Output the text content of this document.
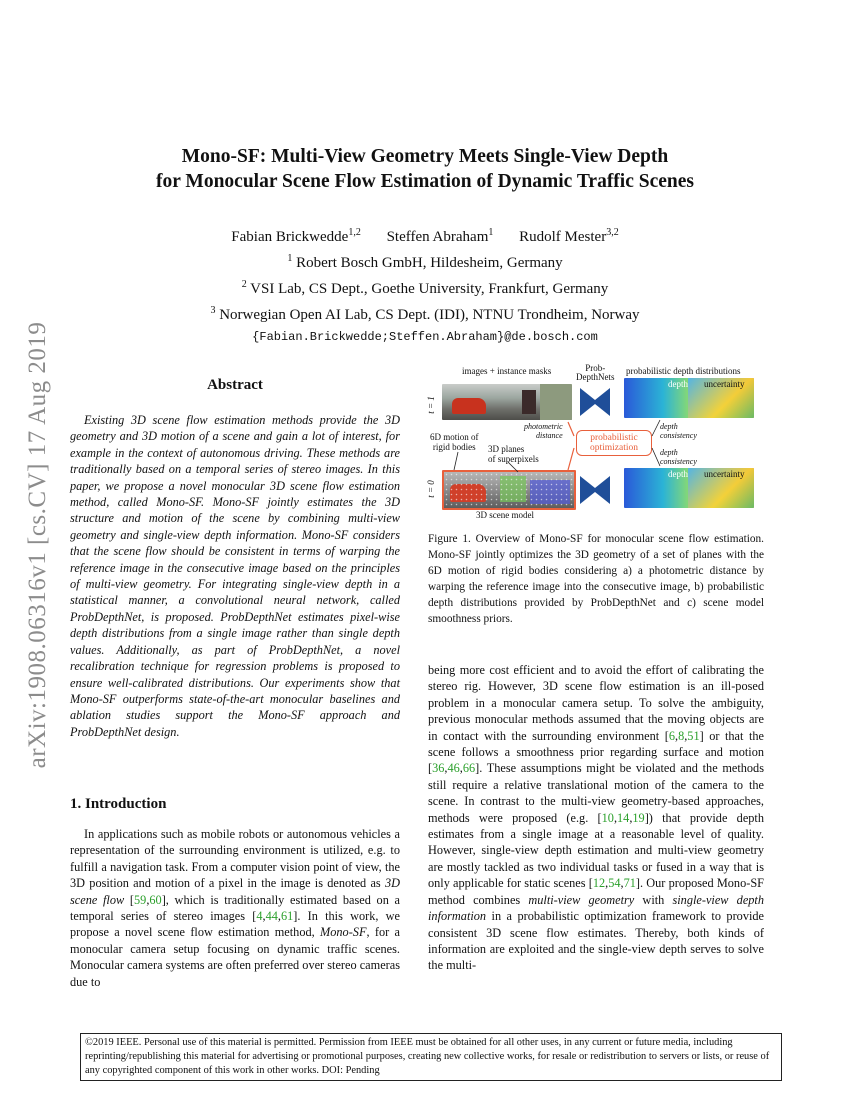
arXiv:1908.06316v1 [cs.CV] 17 Aug 2019
Mono-SF: Multi-View Geometry Meets Single-View Depth
for Monocular Scene Flow Estimation of Dynamic Traffic Scenes
Fabian Brickwedde$^{1,2}$ Steffen Abraham$^1$ Rudolf Mester$^{3,2}$
$^1$ Robert Bosch GmbH, Hildesheim, Germany
$^2$ VSI Lab, CS Dept., Goethe University, Frankfurt, Germany
$^3$ Norwegian Open AI Lab, CS Dept. (IDI), NTNU Trondheim, Norway
{Fabian.Brickwedde;Steffen.Abraham}@de.bosch.com
Abstract

Existing 3D scene flow estimation methods provide the 3D geometry and 3D motion of a scene and gain a lot of interest, for example in the context of autonomous driving. These methods are traditionally based on a temporal series of stereo images. In this paper, we propose a novel monocular 3D scene flow estimation method, called Mono-SF. Mono-SF jointly estimates the 3D structure and motion of the scene by combining multi-view geometry and single-view depth information. Mono-SF considers that the scene flow should be consistent in terms of warping the reference image in the consecutive image based on the principles of multi-view geometry. For integrating single-view depth in a statistical manner, a convolutional neural network, called ProbDepthNet, is proposed. ProbDepthNet estimates pixel-wise depth distributions from a single image rather than single depth values. Additionally, as part of ProbDepthNet, a novel recalibration technique for regression problems is proposed to ensure well-calibrated distributions. Our experiments show that Mono-SF outperforms state-of-the-art monocular baselines and ablation studies support the Mono-SF approach and ProbDepthNet design.

1. Introduction

In applications such as mobile robots or autonomous vehicles a representation of the surrounding environment is utilized, e.g. to fulfill a navigation task. From a computer vision point of view, the 3D position and motion of a pixel in the image is denoted as 3D scene flow [59,60], which is traditionally estimated based on a temporal series of stereo images [4,44,61]. In this work, we propose a novel scene flow estimation method, Mono-SF, for a monocular camera setup focusing on dynamic traffic scenes. Monocular camera systems are often preferred over stereo cameras due to

being more cost efficient and to avoid the effort of calibrating the stereo rig. However, 3D scene flow estimation is an ill-posed problem in a monocular camera setup. To solve the ambiguity, previous monocular methods assumed that the moving objects are in contact with the surrounding environment [6,8,51] or that the scene follows a smoothness prior regarding surface and motion [36,46,66]. These assumptions might be violated and the methods still require a relative translational motion of the camera to the scene. In contrast to the multi-view geometry-based approaches, methods were proposed (e.g. [10,14,19]) that provide depth estimates from a single image at a reasonable level of quality. However, single-view depth estimation and multi-view geometry are mostly tackled as two individual tasks or fused in a way that is only applicable for static scenes [12,54,71]. Our proposed Mono-SF method combines multi-view geometry with single-view depth information in a probabilistic optimization framework to provide consistent 3D scene flow estimates. Thereby, both kinds of information are exploited and the single-view depth serves to solve the multi-

images + instance masks	Prob-
DepthNets
probabilistic depth distributions
t = 1
t = 0
depth uncertainty
depth uncertainty
photometric
distance
depth
consistency
depth
consistency
6D motion of
rigid bodies	3D planes
of superpixels
probabilistic
optimization
3D scene model

Figure 1. Overview of Mono-SF for monocular scene flow estimation. Mono-SF jointly optimizes the 3D geometry of a set of planes with the 6D motion of rigid bodies considering a) a photometric distance by warping the reference image into the consecutive image, b) probabilistic depth distributions provided by ProbDepthNet and c) scene model smoothness priors.

©2019 IEEE. Personal use of this material is permitted. Permission from IEEE must be obtained for all other uses, in any current or future media, including reprinting/republishing this material for advertising or promotional purposes, creating new collective works, for resale or redistribution to servers or lists, or reuse of any copyrighted component of this work in other works. DOI: Pending
